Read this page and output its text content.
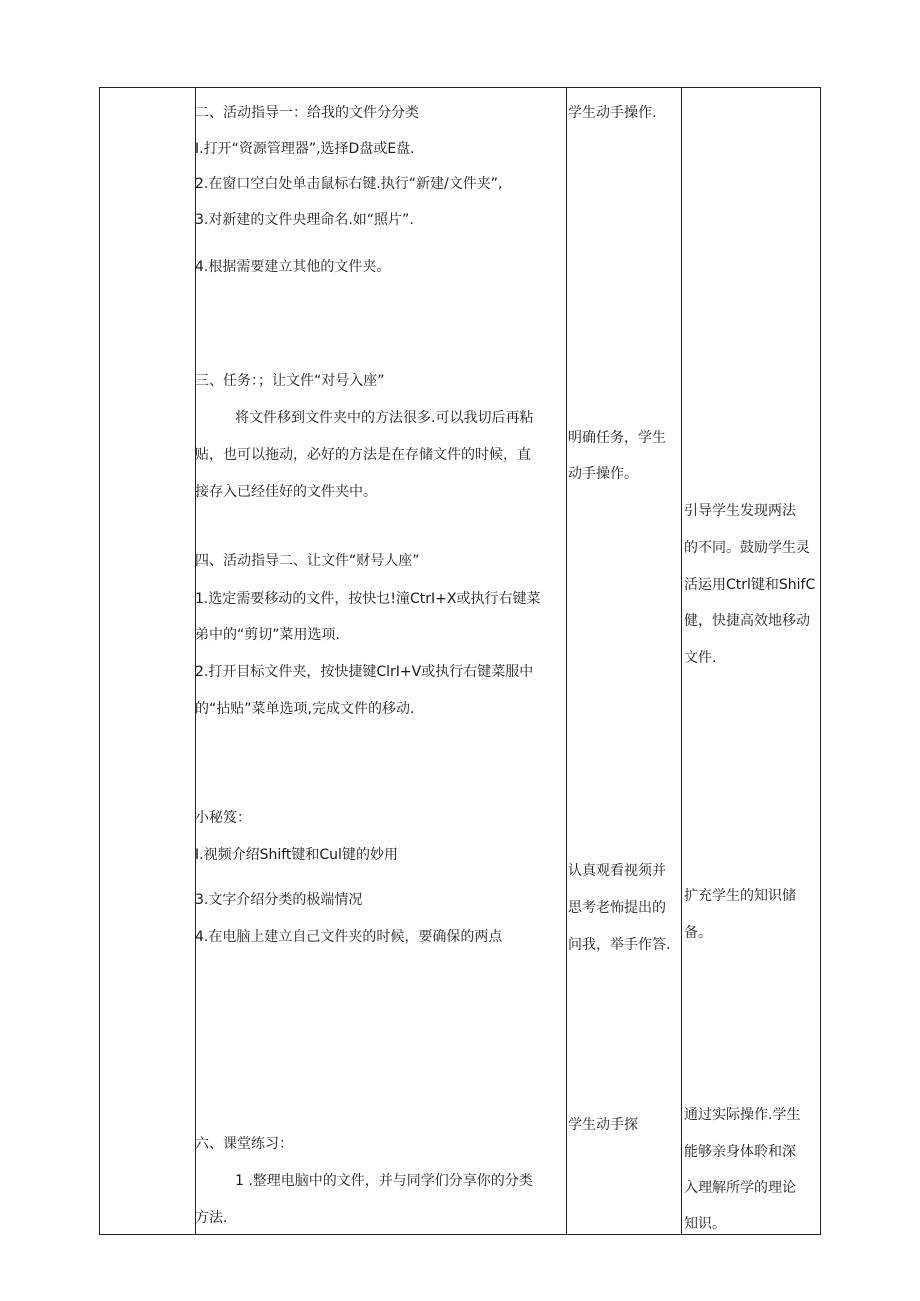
二、活动指导一：给我的文件分分类
I.打开“资源管理器”,选择D盘或E盘.
2.在窗口空白处单击鼠标右键.执行“新建/文件夹”,
3.对新建的文件央理命名.如“照片”.
4.根据需要建立其他的文件夹。
三、任务：；让文件“对号入座”
将文件移到文件夹中的方法很多.可以我切后再粘
贴，也可以拖动，必好的方法是在存储文件的时候，直
接存入已经佳好的文件夹中。
四、活动指导二、让文件“财号人座”
1.选定需要移动的文件，按快乜!潼CtrI+X或执行右键菜
弟中的“剪切”菜用选项.
2.打开目标文件夹，按快捷键ClrI+V或执行右键菜服中
的“拈贴”菜单选项,完成文件的移动.
小秘笈：
I.视频介绍Shift键和Cul键的妙用
3.文字介绍分类的极端情况
4.在电脑上建立自己文件夹的时候，要确保的两点
六、课堂练习：
1 .整理电脑中的文件，并与同学们分享你的分类
方法.
学生动手操作.
明确任务，学生
动手操作。
认真观看视须并
思考老怖提出的
问我，举手作答.
学生动手探
引导学生发现两法
的不同。鼓励学生灵
活运用Ctrl键和ShifC
健，快捷高效地移动
文件.
扩充学生的知识储
备。
通过实际操作.学生
能够亲身体聆和深
入理解所学的理论
知识。
